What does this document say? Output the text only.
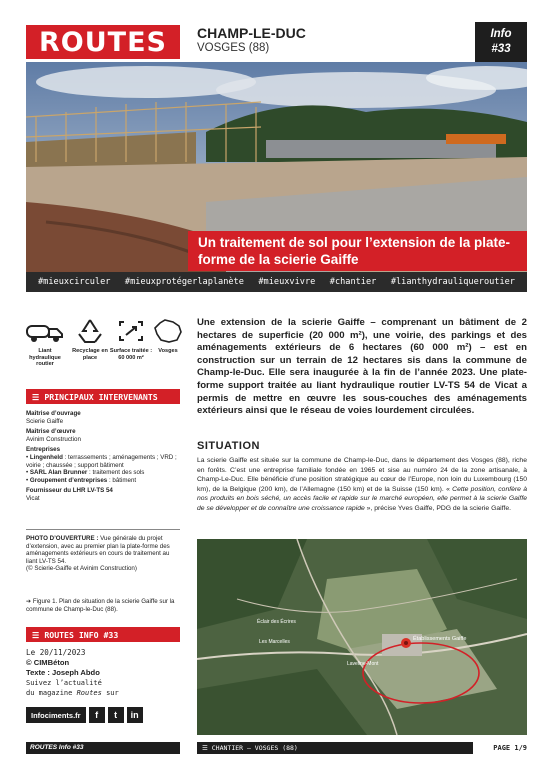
ROUTES	CHAMP-LE-DUC
VOSGES (88)
Info
#33
Un traitement de sol pour l’extension de la plate-forme de la scierie Gaiffe
#mieuxcirculer #mieuxprotégerlaplanète #mieuxvivre #chantier #lianthydrauliqueroutier
Liant hydraulique routier
Recyclage en place
Surface traitée : 60 000 m²
Vosges
☰ PRINCIPAUX INTERVENANTS
Maîtrise d’ouvrage
Scierie Gaiffe
Maîtrise d’œuvre
Avinim Construction
Entreprises
• Lingenheld : terrassements ; aménagements ; VRD ; voirie ; chaussée ; support bâtiment
• SARL Alan Brunner : traitement des sols
• Groupement d’entreprises : bâtiment
Fournisseur du LHR LV-TS 54
Vicat
PHOTO D’OUVERTURE : Vue générale du projet d’extension, avec au premier plan la plate-forme des aménagements extérieurs en cours de traitement au liant LV-TS 54.
(© Scierie-Gaiffe et Avinim Construction)
➔ Figure 1. Plan de situation de la scierie Gaiffe sur la commune de Champ-le-Duc (88).
☰ ROUTES INFO #33
Le 20/11/2023
© CIMBéton
Texte : Joseph Abdo
Suivez l’actualité
du magazine Routes sur
Infociments.fr	f	t	in
Une extension de la scierie Gaiffe – comprenant un bâtiment de 2 hectares de superficie (20 000 m²), une voirie, des parkings et des aménagements extérieurs de 6 hectares (60 000 m²) – est en construction sur un terrain de 12 hectares sis dans la commune de Champ-le-Duc. Elle sera inaugurée à la fin de l’année 2023. Une plate-forme support traitée au liant hydraulique routier LV-TS 54 de Vicat a permis de mettre en œuvre les sous-couches des aménagements extérieurs ainsi que le réseau de voies lourdement circulées.
SITUATION
La scierie Gaiffe est située sur la commune de Champ-le-Duc, dans le département des Vosges (88), riche en forêts. C’est une entreprise familiale fondée en 1965 et sise au numéro 24 de la zone artisanale, à Champ-Le-Duc. Elle bénéficie d’une position stratégique au cœur de l’Europe, non loin du Luxembourg (150 km), de la Belgique (200 km), de l’Allemagne (150 km) et de la Suisse (150 km). « Cette position, confère à nos produits en bois séché, un accès facile et rapide sur le marché européen, elle permet à la scierie Gaiffe de se développer et de connaître une croissance rapide », précise Yves Gaiffe, PDG de la scierie Gaiffe.
Établissements Gaiffe
Éclair des Écrires
Les Marcelles
Laveline-Mont
ROUTES Info #33	☰ CHANTIER – VOSGES (88)	PAGE 1/9
